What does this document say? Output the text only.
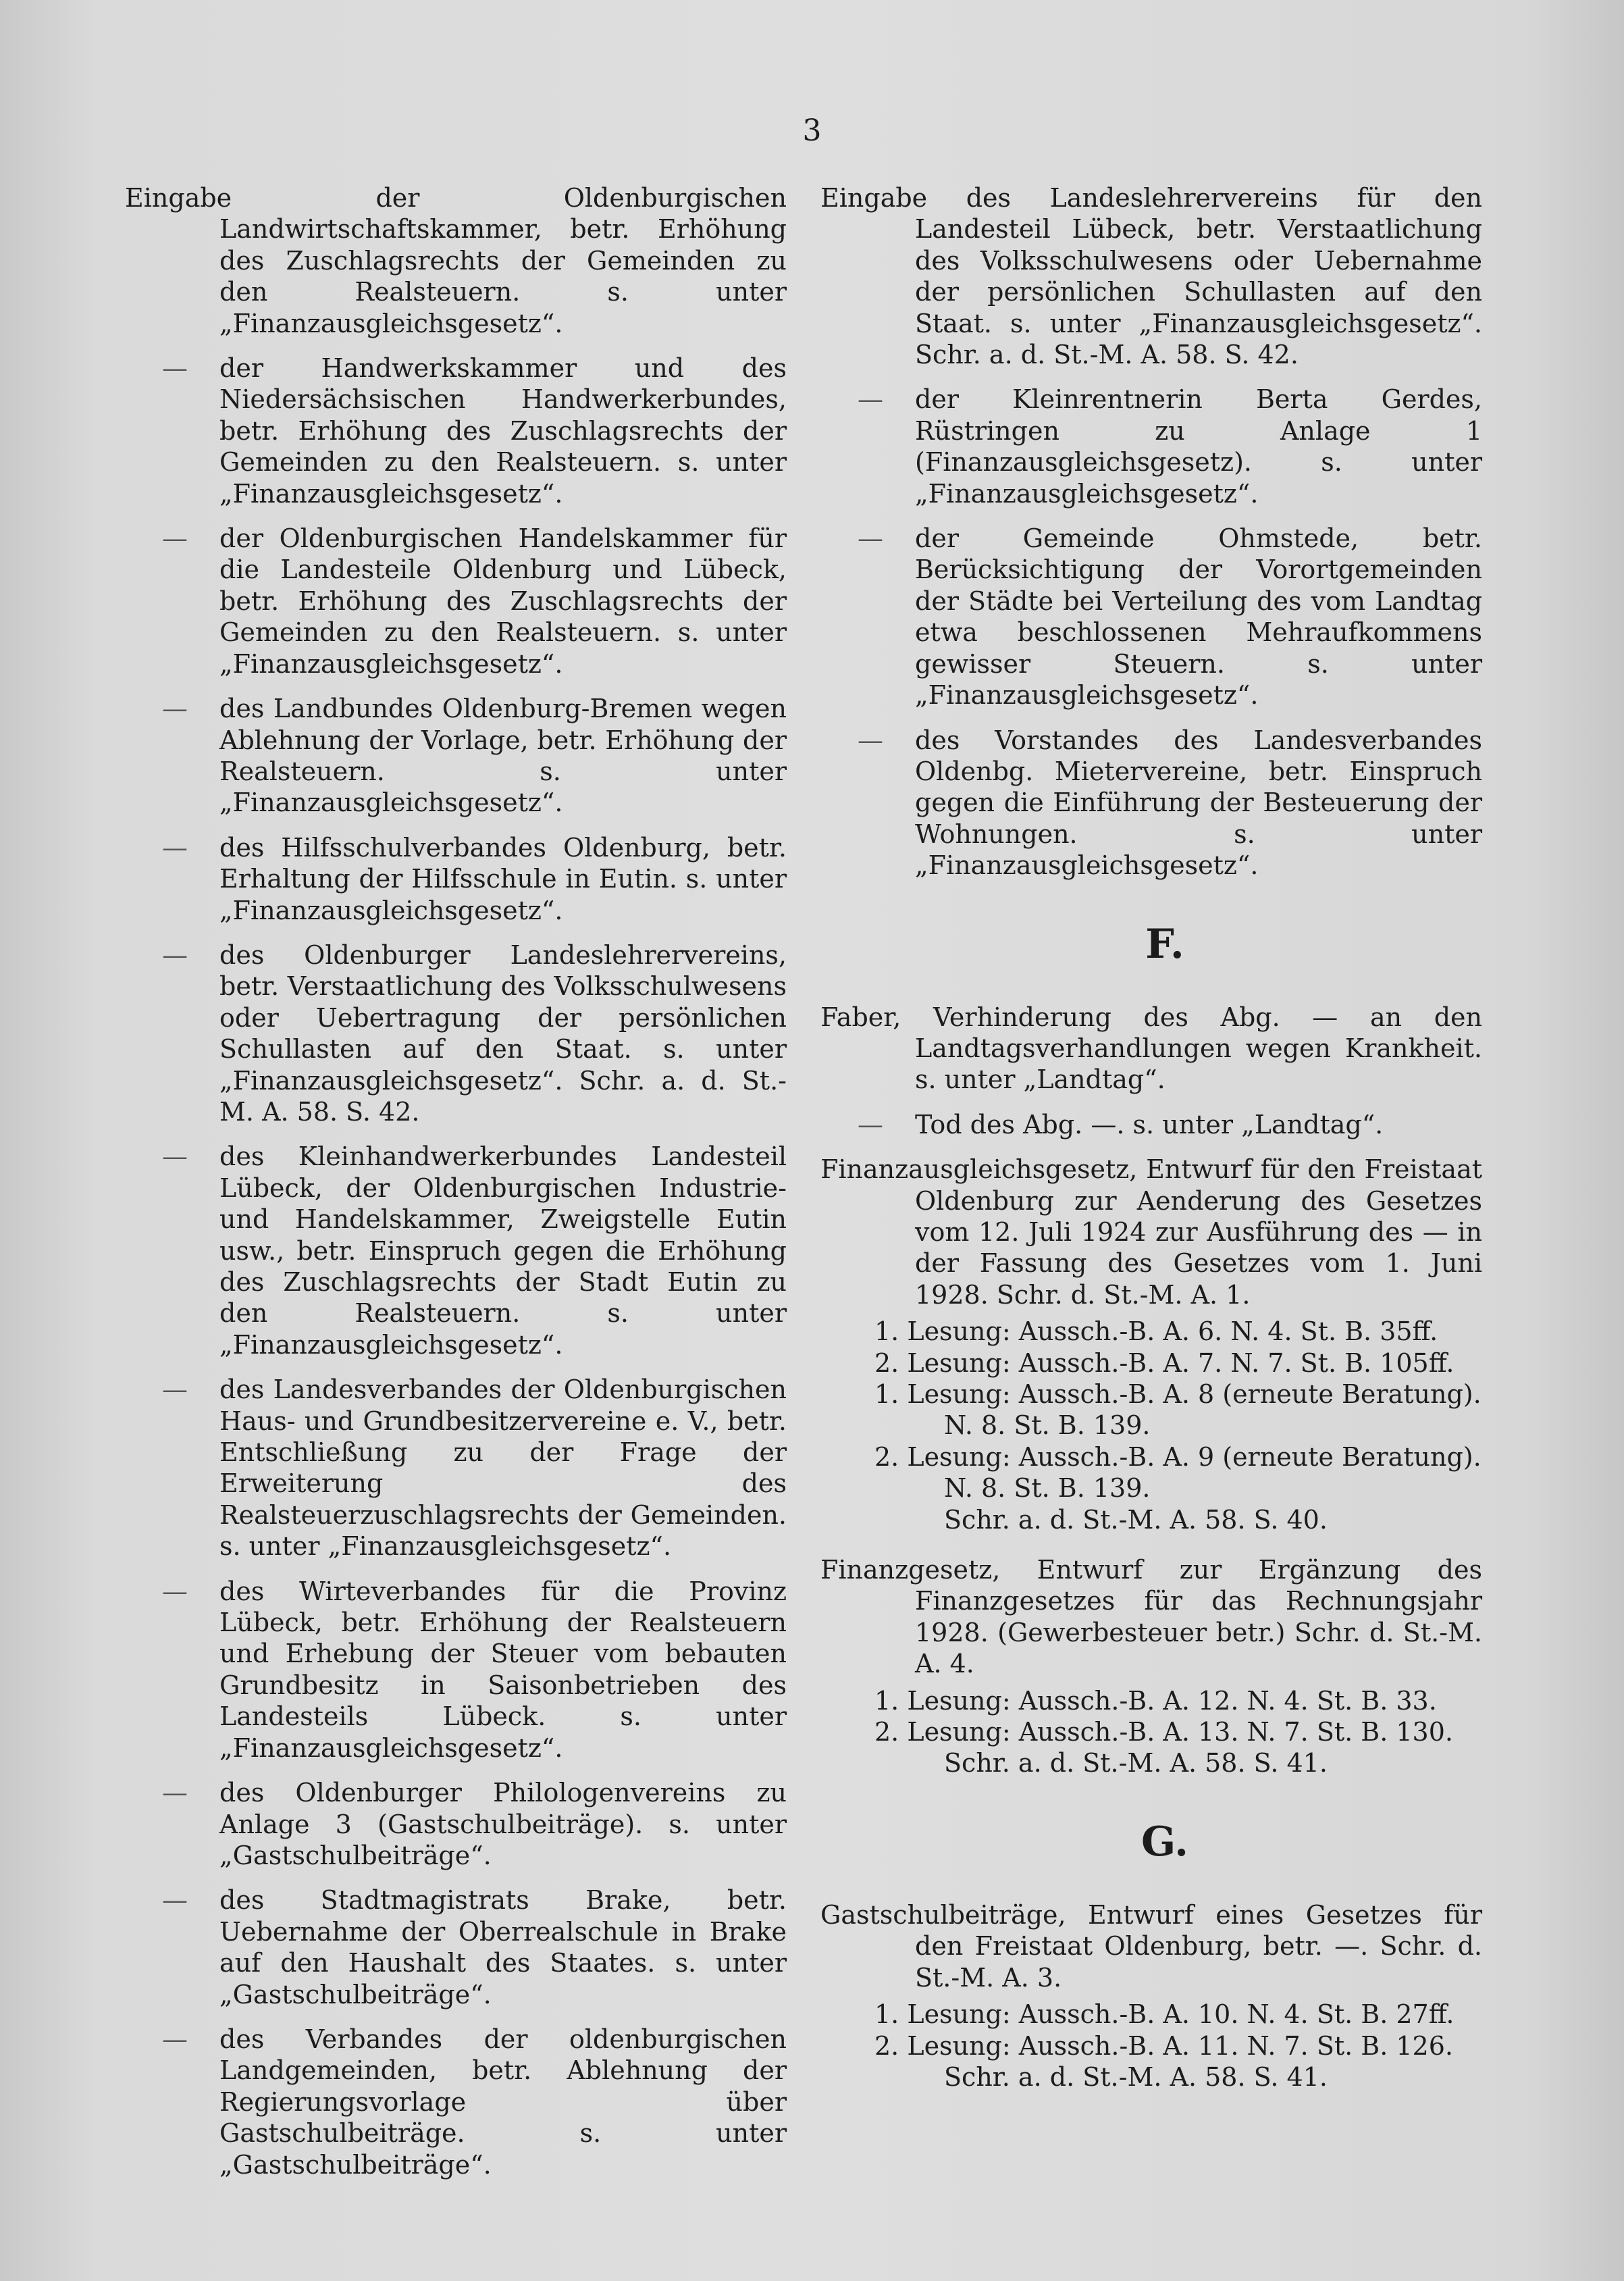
3

Eingabe der Oldenburgischen Landwirtschaftskammer, betr. Erhöhung des Zuschlagsrechts der Gemeinden zu den Realsteuern. s. unter „Finanzausgleichsgesetz“.

— der Handwerkskammer und des Niedersächsischen Handwerkerbundes, betr. Erhöhung des Zuschlagsrechts der Gemeinden zu den Realsteuern. s. unter „Finanzausgleichsgesetz“.

— der Oldenburgischen Handelskammer für die Landesteile Oldenburg und Lübeck, betr. Erhöhung des Zuschlagsrechts der Gemeinden zu den Realsteuern. s. unter „Finanzausgleichsgesetz“.

— des Landbundes Oldenburg-Bremen wegen Ablehnung der Vorlage, betr. Erhöhung der Realsteuern. s. unter „Finanzausgleichsgesetz“.

— des Hilfsschulverbandes Oldenburg, betr. Erhaltung der Hilfsschule in Eutin. s. unter „Finanzausgleichsgesetz“.

— des Oldenburger Landeslehrervereins, betr. Verstaatlichung des Volksschulwesens oder Uebertragung der persönlichen Schullasten auf den Staat. s. unter „Finanzausgleichsgesetz“. Schr. a. d. St.-M. A. 58. S. 42.

— des Kleinhandwerkerbundes Landesteil Lübeck, der Oldenburgischen Industrie- und Handelskammer, Zweigstelle Eutin usw., betr. Einspruch gegen die Erhöhung des Zuschlagsrechts der Stadt Eutin zu den Realsteuern. s. unter „Finanzausgleichsgesetz“.

— des Landesverbandes der Oldenburgischen Haus- und Grundbesitzervereine e. V., betr. Entschließung zu der Frage der Erweiterung des Realsteuerzuschlagsrechts der Gemeinden. s. unter „Finanzausgleichsgesetz“.

— des Wirteverbandes für die Provinz Lübeck, betr. Erhöhung der Realsteuern und Erhebung der Steuer vom bebauten Grundbesitz in Saisonbetrieben des Landesteils Lübeck. s. unter „Finanzausgleichsgesetz“.

— des Oldenburger Philologenvereins zu Anlage 3 (Gastschulbeiträge). s. unter „Gastschulbeiträge“.

— des Stadtmagistrats Brake, betr. Uebernahme der Oberrealschule in Brake auf den Haushalt des Staates. s. unter „Gastschulbeiträge“.

— des Verbandes der oldenburgischen Landgemeinden, betr. Ablehnung der Regierungsvorlage über Gastschulbeiträge. s. unter „Gastschulbeiträge“.

Eingabe des Landeslehrervereins für den Landesteil Lübeck, betr. Verstaatlichung des Volksschulwesens oder Uebernahme der persönlichen Schullasten auf den Staat. s. unter „Finanzausgleichsgesetz“. Schr. a. d. St.-M. A. 58. S. 42.

— der Kleinrentnerin Berta Gerdes, Rüstringen zu Anlage 1 (Finanzausgleichsgesetz). s. unter „Finanzausgleichsgesetz“.

— der Gemeinde Ohmstede, betr. Berücksichtigung der Vorortgemeinden der Städte bei Verteilung des vom Landtag etwa beschlossenen Mehraufkommens gewisser Steuern. s. unter „Finanzausgleichsgesetz“.

— des Vorstandes des Landesverbandes Oldenbg. Mietervereine, betr. Einspruch gegen die Einführung der Besteuerung der Wohnungen. s. unter „Finanzausgleichsgesetz“.

F.

Faber, Verhinderung des Abg. — an den Landtagsverhandlungen wegen Krankheit. s. unter „Landtag“.

— Tod des Abg. —. s. unter „Landtag“.

Finanzausgleichsgesetz, Entwurf für den Freistaat Oldenburg zur Aenderung des Gesetzes vom 12. Juli 1924 zur Ausführung des — in der Fassung des Gesetzes vom 1. Juni 1928. Schr. d. St.-M. A. 1.

1. Lesung: Aussch.-B. A. 6. N. 4. St. B. 35ff.

2. Lesung: Aussch.-B. A. 7. N. 7. St. B. 105ff.

1. Lesung: Aussch.-B. A. 8 (erneute Beratung).

N. 8. St. B. 139.

2. Lesung: Aussch.-B. A. 9 (erneute Beratung).

N. 8. St. B. 139.

Schr. a. d. St.-M. A. 58. S. 40.

Finanzgesetz, Entwurf zur Ergänzung des Finanzgesetzes für das Rechnungsjahr 1928. (Gewerbesteuer betr.) Schr. d. St.-M. A. 4.

1. Lesung: Aussch.-B. A. 12. N. 4. St. B. 33.

2. Lesung: Aussch.-B. A. 13. N. 7. St. B. 130.

Schr. a. d. St.-M. A. 58. S. 41.

G.

Gastschulbeiträge, Entwurf eines Gesetzes für den Freistaat Oldenburg, betr. —. Schr. d. St.-M. A. 3.

1. Lesung: Aussch.-B. A. 10. N. 4. St. B. 27ff.

2. Lesung: Aussch.-B. A. 11. N. 7. St. B. 126.

Schr. a. d. St.-M. A. 58. S. 41.
